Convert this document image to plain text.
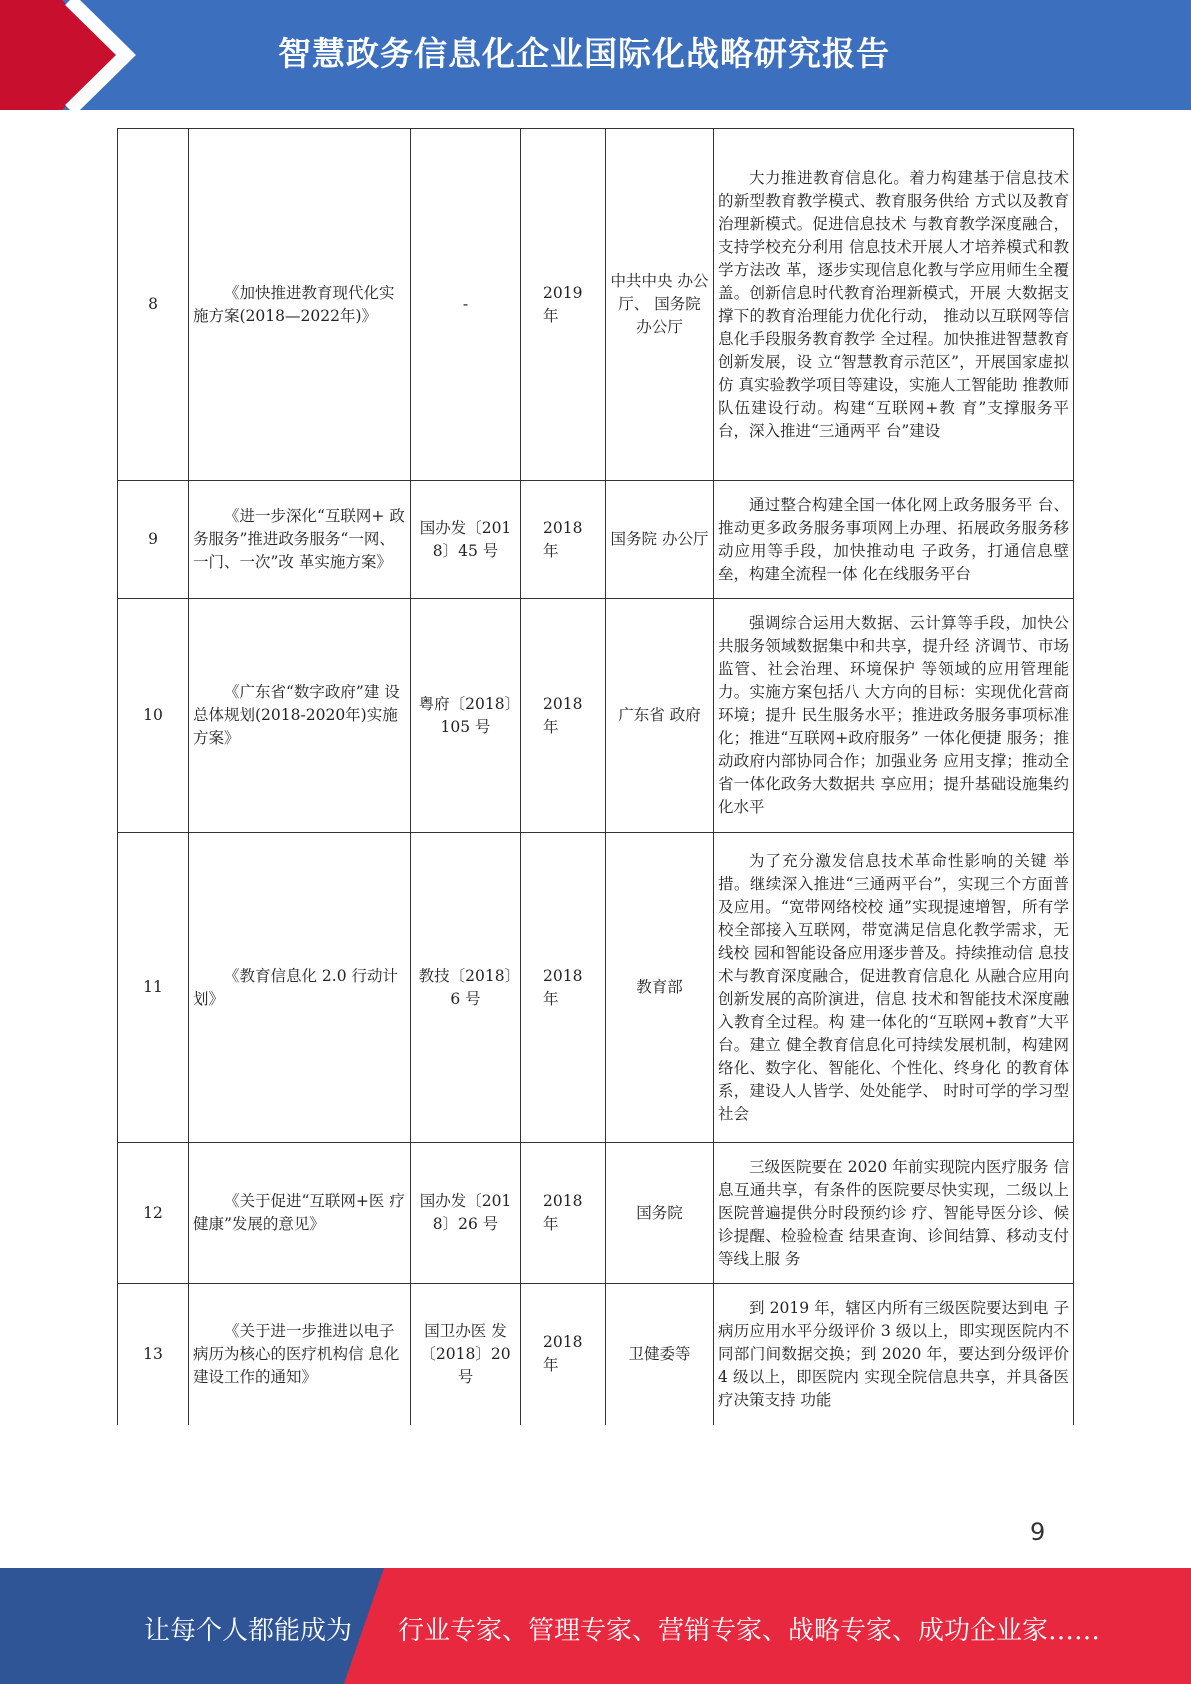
智慧政务信息化企业国际化战略研究报告
8	《加快推进教育现代化实施方案(2018—2022年)》	-	2019年	中共中央 办公厅、 国务院 办公厅	大力推进教育信息化。着力构建基于信息技术的新型教育教学模式、教育服务供给 方式以及教育治理新模式。促进信息技术 与教育教学深度融合，支持学校充分利用 信息技术开展人才培养模式和教学方法改 革，逐步实现信息化教与学应用师生全覆 盖。创新信息时代教育治理新模式，开展 大数据支撑下的教育治理能力优化行动， 推动以互联网等信息化手段服务教育教学 全过程。加快推进智慧教育创新发展，设 立“智慧教育示范区”，开展国家虚拟仿 真实验教学项目等建设，实施人工智能助 推教师队伍建设行动。构建“互联网+教 育”支撑服务平台，深入推进“三通两平 台”建设
9	《进一步深化“互联网+ 政务服务”推进政务服务“一网、一门、一次”改 革实施方案》	国办发〔2018〕45 号	2018年	国务院 办公厅	通过整合构建全国一体化网上政务服务平 台、推动更多政务服务事项网上办理、拓展政务服务移动应用等手段，加快推动电 子政务，打通信息壁垒，构建全流程一体 化在线服务平台
10	《广东省“数字政府”建 设总体规划(2018-2020年)实施方案》	粤府〔2018〕105 号	2018年	广东省 政府	强调综合运用大数据、云计算等手段，加快公共服务领域数据集中和共享，提升经 济调节、市场监管、社会治理、环境保护 等领域的应用管理能力。实施方案包括八 大方向的目标：实现优化营商环境；提升 民生服务水平；推进政务服务事项标准 化；推进“互联网+政府服务” 一体化便捷 服务；推动政府内部协同合作；加强业务 应用支撑；推动全省一体化政务大数据共 享应用；提升基础设施集约化水平
11	《教育信息化 2.0 行动计 划》	教技〔2018〕6 号	2018年	教育部	为了充分激发信息技术革命性影响的关键 举措。继续深入推进“三通两平台”，实现三个方面普及应用。“宽带网络校校 通”实现提速增智，所有学校全部接入互联网，带宽满足信息化教学需求，无线校 园和智能设备应用逐步普及。持续推动信 息技术与教育深度融合，促进教育信息化 从融合应用向创新发展的高阶演进，信息 技术和智能技术深度融入教育全过程。构 建一体化的“互联网+教育”大平台。建立 健全教育信息化可持续发展机制，构建网 络化、数字化、智能化、个性化、终身化 的教育体系，建设人人皆学、处处能学、 时时可学的学习型社会
12	《关于促进“互联网+医 疗健康”发展的意见》	国办发〔2018〕26 号	2018年	国务院	三级医院要在 2020 年前实现院内医疗服务 信息互通共享，有条件的医院要尽快实现，二级以上医院普遍提供分时段预约诊 疗、智能导医分诊、候诊提醒、检验检查 结果查询、诊间结算、移动支付等线上服 务
13	《关于进一步推进以电子 病历为核心的医疗机构信 息化建设工作的通知》	国卫办医 发〔2018〕20 号	2018年	卫健委等	到 2019 年，辖区内所有三级医院要达到电 子病历应用水平分级评价 3 级以上，即实现医院内不同部门间数据交换；到 2020 年，要达到分级评价 4 级以上，即医院内 实现全院信息共享，并具备医疗决策支持 功能
9
让每个人都能成为 行业专家、管理专家、营销专家、战略专家、成功企业家……
